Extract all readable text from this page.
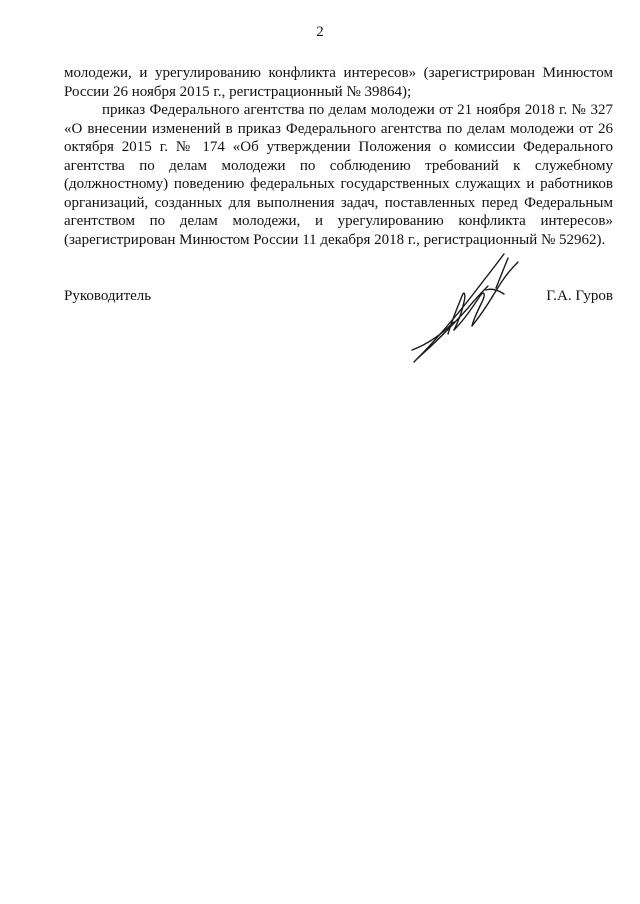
2

молодежи, и урегулированию конфликта интересов» (зарегистрирован Минюстом России 26 ноября 2015 г., регистрационный № 39864);

приказ Федерального агентства по делам молодежи от 21 ноября 2018 г. № 327 «О внесении изменений в приказ Федерального агентства по делам молодежи от 26 октября 2015 г. № 174 «Об утверждении Положения о комиссии Федерального агентства по делам молодежи по соблюдению требований к служебному (должностному) поведению федеральных государственных служащих и работников организаций, созданных для выполнения задач, поставленных перед Федеральным агентством по делам молодежи, и урегулированию конфликта интересов» (зарегистрирован Минюстом России 11 декабря 2018 г., регистрационный № 52962).

Руководитель	Г.А. Гуров
